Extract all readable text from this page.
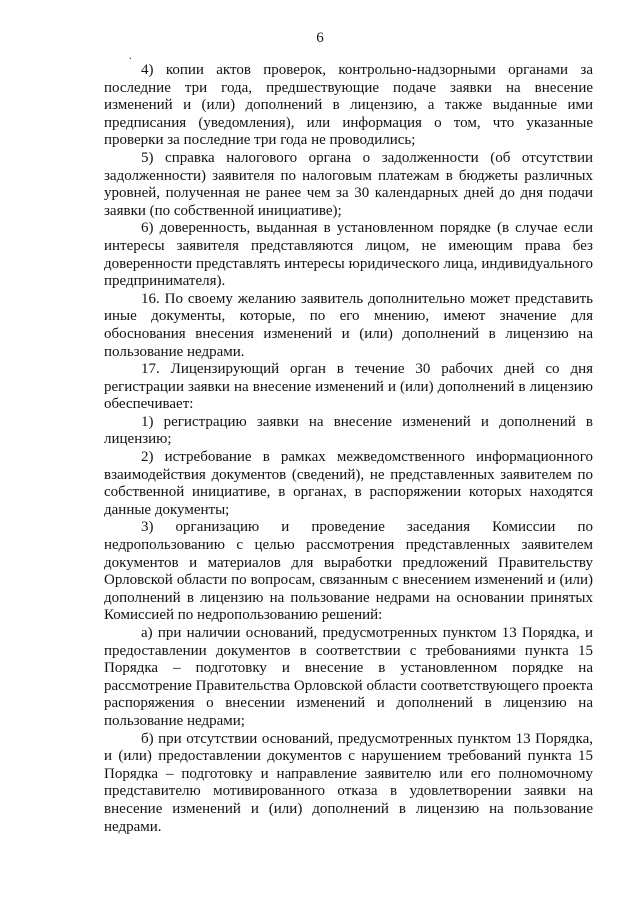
6
.

4) копии актов проверок, контрольно-надзорными органами за последние три года, предшествующие подаче заявки на внесение изменений и (или) дополнений в лицензию, а также выданные ими предписания (уведомления), или информация о том, что указанные проверки за последние три года не проводились;

5) справка налогового органа о задолженности (об отсутствии задолженности) заявителя по налоговым платежам в бюджеты различных уровней, полученная не ранее чем за 30 календарных дней до дня подачи заявки (по собственной инициативе);

6) доверенность, выданная в установленном порядке (в случае если интересы заявителя представляются лицом, не имеющим права без доверенности представлять интересы юридического лица, индивидуального предпринимателя).

16. По своему желанию заявитель дополнительно может представить иные документы, которые, по его мнению, имеют значение для обоснования внесения изменений и (или) дополнений в лицензию на пользование недрами.

17. Лицензирующий орган в течение 30 рабочих дней со дня регистрации заявки на внесение изменений и (или) дополнений в лицензию обеспечивает:

1) регистрацию заявки на внесение изменений и дополнений в лицензию;

2) истребование в рамках межведомственного информационного взаимодействия документов (сведений), не представленных заявителем по собственной инициативе, в органах, в распоряжении которых находятся данные документы;

3) организацию и проведение заседания Комиссии по недропользованию с целью рассмотрения представленных заявителем документов и материалов для выработки предложений Правительству Орловской области по вопросам, связанным с внесением изменений и (или) дополнений в лицензию на пользование недрами на основании принятых Комиссией по недропользованию решений:

а) при наличии оснований, предусмотренных пунктом 13 Порядка, и предоставлении документов в соответствии с требованиями пункта 15 Порядка – подготовку и внесение в установленном порядке на рассмотрение Правительства Орловской области соответствующего проекта распоряжения о внесении изменений и дополнений в лицензию на пользование недрами;

б) при отсутствии оснований, предусмотренных пунктом 13 Порядка, и (или) предоставлении документов с нарушением требований пункта 15 Порядка – подготовку и направление заявителю или его полномочному представителю мотивированного отказа в удовлетворении заявки на внесение изменений и (или) дополнений в лицензию на пользование недрами.
